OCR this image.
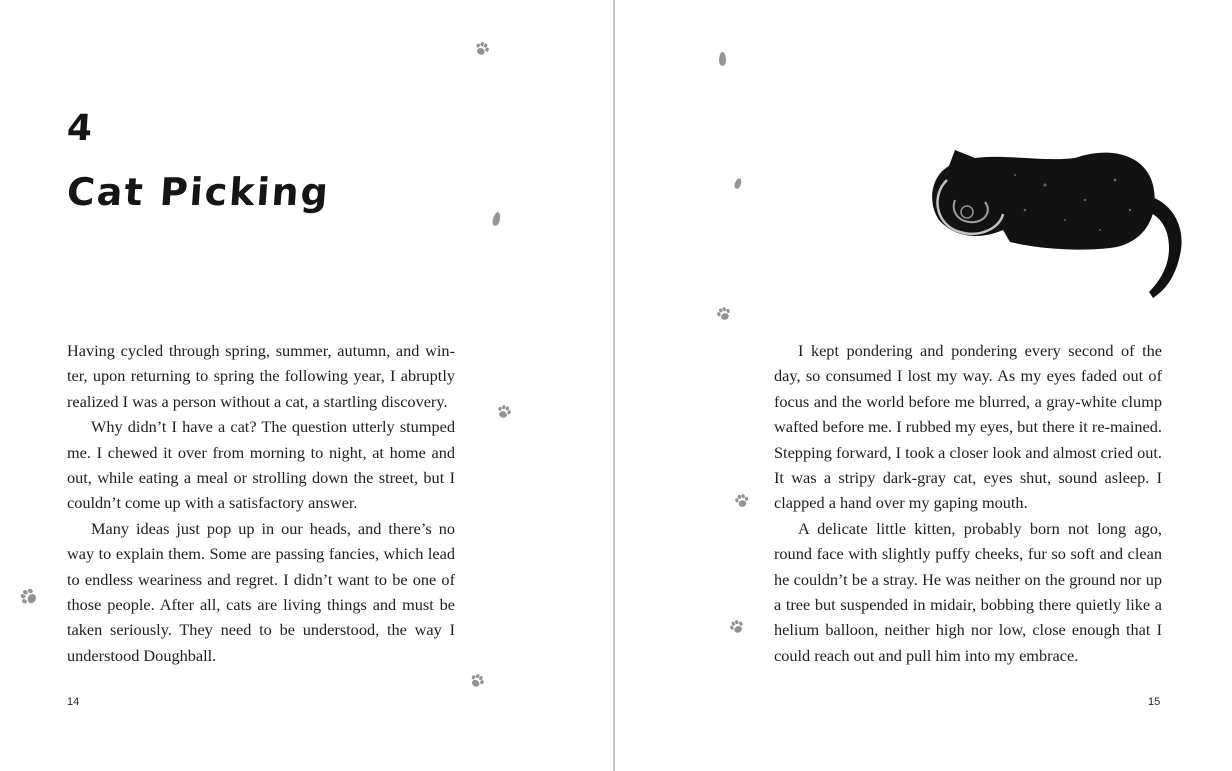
4
Cat Picking

Having cycled through spring, summer, autumn, and win-ter, upon returning to spring the following year, I abruptly realized I was a person without a cat, a startling discovery.

Why didn’t I have a cat? The question utterly stumped me. I chewed it over from morning to night, at home and out, while eating a meal or strolling down the street, but I couldn’t come up with a satisfactory answer.

Many ideas just pop up in our heads, and there’s no way to explain them. Some are passing fancies, which lead to endless weariness and regret. I didn’t want to be one of those people. After all, cats are living things and must be taken seriously. They need to be understood, the way I understood Doughball.

14

I kept pondering and pondering every second of the day, so consumed I lost my way. As my eyes faded out of focus and the world before me blurred, a gray-white clump wafted before me. I rubbed my eyes, but there it re-mained. Stepping forward, I took a closer look and almost cried out. It was a stripy dark-gray cat, eyes shut, sound asleep. I clapped a hand over my gaping mouth.

A delicate little kitten, probably born not long ago, round face with slightly puffy cheeks, fur so soft and clean he couldn’t be a stray. He was neither on the ground nor up a tree but suspended in midair, bobbing there quietly like a helium balloon, neither high nor low, close enough that I could reach out and pull him into my embrace.

15
